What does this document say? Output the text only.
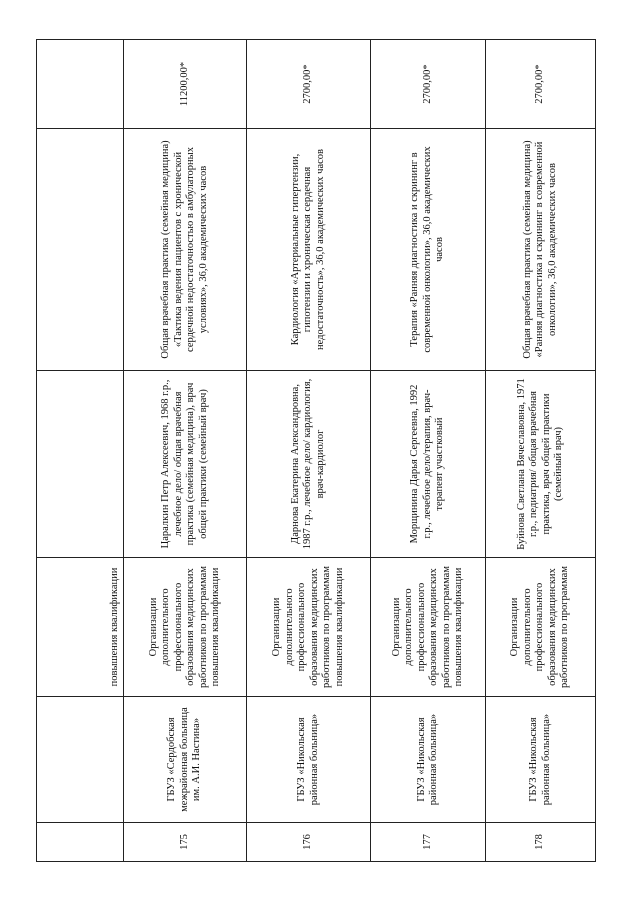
		повышения квалификации			

175	ГБУЗ «Сердобская межрайонная больница им. А.И. Настина»	Организации дополнительного профессионального образования медицинских работников по программам повышения квалификации	Царалкин Петр Алексеевич, 1968 г.р., лечебное дело/ общая врачебная практика (семейная медицина), врач общей практики (семейный врач)	Общая врачебная практика (семейная медицина) «Тактика ведения пациентов с хронической сердечной недостаточностью в амбулаторных условиях», 36,0 академических часов	11200,00*
176	ГБУЗ «Никольская районная больница»	Организации дополнительного профессионального образования медицинских работников по программам повышения квалификации	Дарнова Екатерина Александровна, 1987 г.р., лечебное дело/ кардиология, врач-кардиолог	Кардиология «Артериальные гипертензии, гипотензии и хроническая сердечная недостаточность», 36,0 академических часов	2700,00*
177	ГБУЗ «Никольская районная больница»	Организации дополнительного профессионального образования медицинских работников по программам повышения квалификации	Морщинина Дарья Сергеевна, 1992 г.р., лечебное дело/терапия, врач-терапевт участковый	Терапия «Ранняя диагностика и скрининг в современной онкологии», 36,0 академических часов	2700,00*
178	ГБУЗ «Никольская районная больница»	Организации дополнительного профессионального образования медицинских работников по программам	Буйнова Светлана Вячеславовна, 1971 г.р., педиатрия/ общая врачебная практика, врач общей практики (семейный врач)	Общая врачебная практика (семейная медицина) «Ранняя диагностика и скрининг в современной онкологии», 36,0 академических часов	2700,00*
